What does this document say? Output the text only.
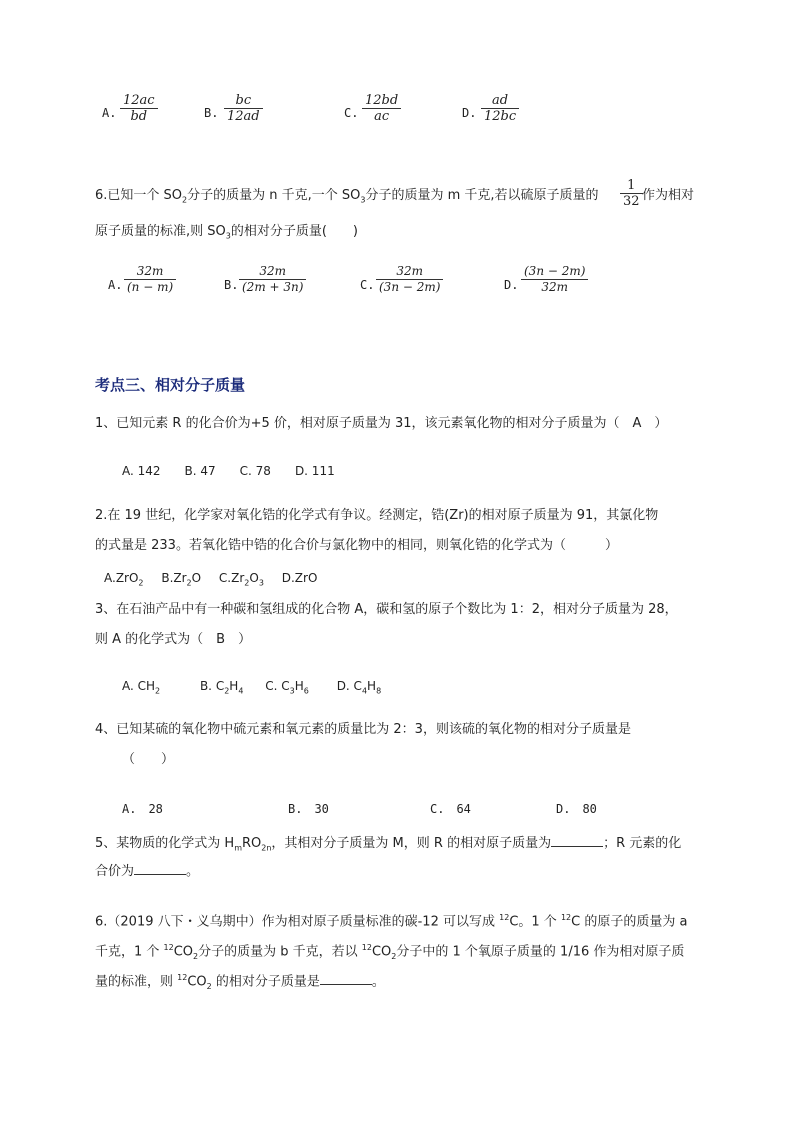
A. $\frac{12ac}{bd}$	B. $\frac{bc}{12ad}$	C. $\frac{12bd}{ac}$	D. $\frac{ad}{12bc}$
6.已知一个 $SO_2$分子的质量为 n 千克,一个 $SO_3$分子的质量为 m 千克,若以硫原子质量的 $\frac{1}{32}$ 作为相对
原子质量的标准,则 $SO_3$的相对分子质量(　　)
A. $\frac{32m}{(n - m)}$	B. $\frac{32m}{(2m + 3n)}$	C. $\frac{32m}{(3n - 2m)}$	D. $\frac{(3n - 2m)}{32m}$
考点三、相对分子质量
1、已知元素 R 的化合价为+5 价，相对原子质量为 31，该元素氧化物的相对分子质量为（　A　）
A. 142　　B. 47　　C. 78　　D. 111
2.在 19 世纪，化学家对氧化锆的化学式有争议。经测定，锆(Zr)的相对原子质量为 91，其氯化物
的式量是 233。若氧化锆中锆的化合价与氯化物中的相同，则氧化锆的化学式为（　　　）
A.ZrO$_2$ $B.Zr_2O$ $C.Zr_2O_3$ D.ZrO
3、在石油产品中有一种碳和氢组成的化合物 A，碳和氢的原子个数比为 1：2，相对分子质量为 28，
则 A 的化学式为（　B　）
A. $CH_2$	B. $C_2H_4$ C. $C_3H_6$ D. $C_4H_8$
4、已知某硫的氧化物中硫元素和氧元素的质量比为 2：3，则该硫的氧化物的相对分子质量是
（　　）
A.　28	B.　30	C.　64	D.　80
5、某物质的化学式为 $H_mRO_{2n}$，其相对分子质量为 M，则 R 的相对原子质量为	；R 元素的化
合价为	。
6.（2019 八下・义乌期中）作为相对原子质量标准的碳-12 可以写成 $^{12}$C。1 个 $^{12}$C 的原子的质量为 a
千克，1 个 $^{12}CO_2$分子的质量为 b 千克，若以 $^{12}CO_2$分子中的 1 个氧原子质量的 1/16 作为相对原子质
量的标准，则 $^{12}CO_2$ 的相对分子质量是	。
